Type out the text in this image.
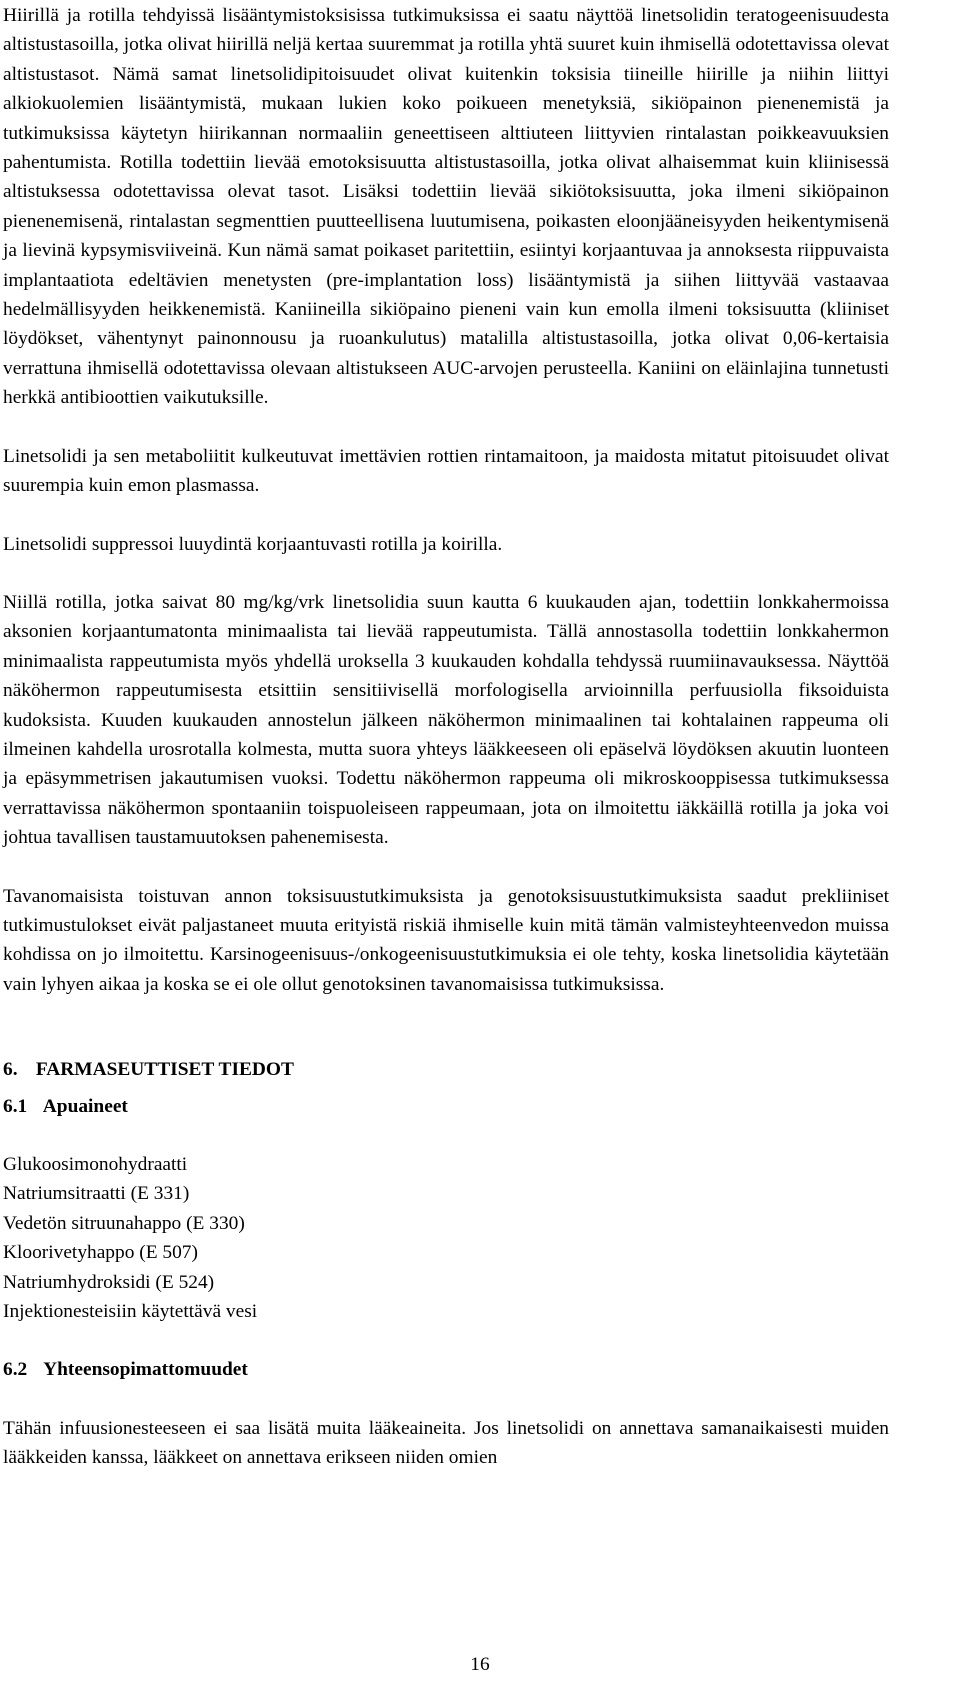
Hiirillä ja rotilla tehdyissä lisääntymistoksisissa tutkimuksissa ei saatu näyttöä linetsolidin teratogeenisuudesta altistustasoilla, jotka olivat hiirillä neljä kertaa suuremmat ja rotilla yhtä suuret kuin ihmisellä odotettavissa olevat altistustasot. Nämä samat linetsolidipitoisuudet olivat kuitenkin toksisia tiineille hiirille ja niihin liittyi alkiokuolemien lisääntymistä, mukaan lukien koko poikueen menetyksiä, sikiöpainon pienenemistä ja tutkimuksissa käytetyn hiirikannan normaaliin geneettiseen alttiuteen liittyvien rintalastan poikkeavuuksien pahentumista. Rotilla todettiin lievää emotoksisuutta altistustasoilla, jotka olivat alhaisemmat kuin kliinisessä altistuksessa odotettavissa olevat tasot. Lisäksi todettiin lievää sikiötoksisuutta, joka ilmeni sikiöpainon pienenemisenä, rintalastan segmenttien puutteellisena luutumisena, poikasten eloonjääneisyyden heikentymisenä ja lievinä kypsymisviiveinä. Kun nämä samat poikaset paritettiin, esiintyi korjaantuvaa ja annoksesta riippuvaista implantaatiota edeltävien menetysten (pre-implantation loss) lisääntymistä ja siihen liittyvää vastaavaa hedelmällisyyden heikkenemistä. Kaniineilla sikiöpaino pieneni vain kun emolla ilmeni toksisuutta (kliiniset löydökset, vähentynyt painonnousu ja ruoankulutus) matalilla altistustasoilla, jotka olivat 0,06-kertaisia verrattuna ihmisellä odotettavissa olevaan altistukseen AUC-arvojen perusteella. Kaniini on eläinlajina tunnetusti herkkä antibioottien vaikutuksille.

Linetsolidi ja sen metaboliitit kulkeutuvat imettävien rottien rintamaitoon, ja maidosta mitatut pitoisuudet olivat suurempia kuin emon plasmassa.

Linetsolidi suppressoi luuydintä korjaantuvasti rotilla ja koirilla.

Niillä rotilla, jotka saivat 80 mg/kg/vrk linetsolidia suun kautta 6 kuukauden ajan, todettiin lonkkahermoissa aksonien korjaantumatonta minimaalista tai lievää rappeutumista. Tällä annostasolla todettiin lonkkahermon minimaalista rappeutumista myös yhdellä uroksella 3 kuukauden kohdalla tehdyssä ruumiinavauksessa. Näyttöä näköhermon rappeutumisesta etsittiin sensitiivisellä morfologisella arvioinnilla perfuusiolla fiksoiduista kudoksista. Kuuden kuukauden annostelun jälkeen näköhermon minimaalinen tai kohtalainen rappeuma oli ilmeinen kahdella urosrotalla kolmesta, mutta suora yhteys lääkkeeseen oli epäselvä löydöksen akuutin luonteen ja epäsymmetrisen jakautumisen vuoksi. Todettu näköhermon rappeuma oli mikroskooppisessa tutkimuksessa verrattavissa näköhermon spontaaniin toispuoleiseen rappeumaan, jota on ilmoitettu iäkkäillä rotilla ja joka voi johtua tavallisen taustamuutoksen pahenemisesta.

Tavanomaisista toistuvan annon toksisuustutkimuksista ja genotoksisuustutkimuksista saadut prekliiniset tutkimustulokset eivät paljastaneet muuta erityistä riskiä ihmiselle kuin mitä tämän valmisteyhteenvedon muissa kohdissa on jo ilmoitettu. Karsinogeenisuus-/onkogeenisuustutkimuksia ei ole tehty, koska linetsolidia käytetään vain lyhyen aikaa ja koska se ei ole ollut genotoksinen tavanomaisissa tutkimuksissa.

6. FARMASEUTTISET TIEDOT
6.1 Apuaineet
Glukoosimonohydraatti
Natriumsitraatti (E 331)
Vedetön sitruunahappo (E 330)
Kloorivetyhappo (E 507)
Natriumhydroksidi (E 524)
Injektionesteisiin käytettävä vesi
6.2 Yhteensopimattomuudet

Tähän infuusionesteeseen ei saa lisätä muita lääkeaineita. Jos linetsolidi on annettava samanaikaisesti muiden lääkkeiden kanssa, lääkkeet on annettava erikseen niiden omien

16
